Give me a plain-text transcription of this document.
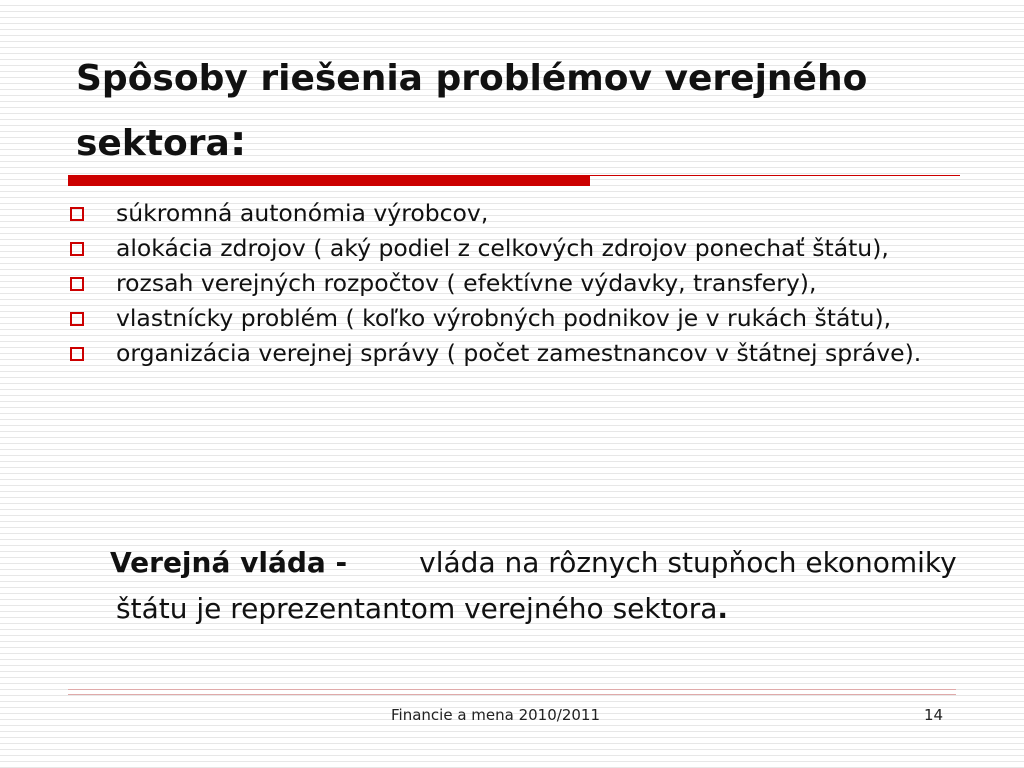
Spôsoby riešenia problémov verejného sektora:
súkromná autonómia výrobcov,
alokácia zdrojov ( aký podiel z celkových zdrojov ponechať štátu),
rozsah verejných rozpočtov ( efektívne výdavky, transfery),
vlastnícky problém ( koľko výrobných podnikov je v rukách štátu),
organizácia verejnej správy ( počet zamestnancov v štátnej správe).

Verejná vláda -	vláda na rôznych stupňoch ekonomiky štátu je reprezentantom verejného sektora.

Financie a mena 2010/2011	14
